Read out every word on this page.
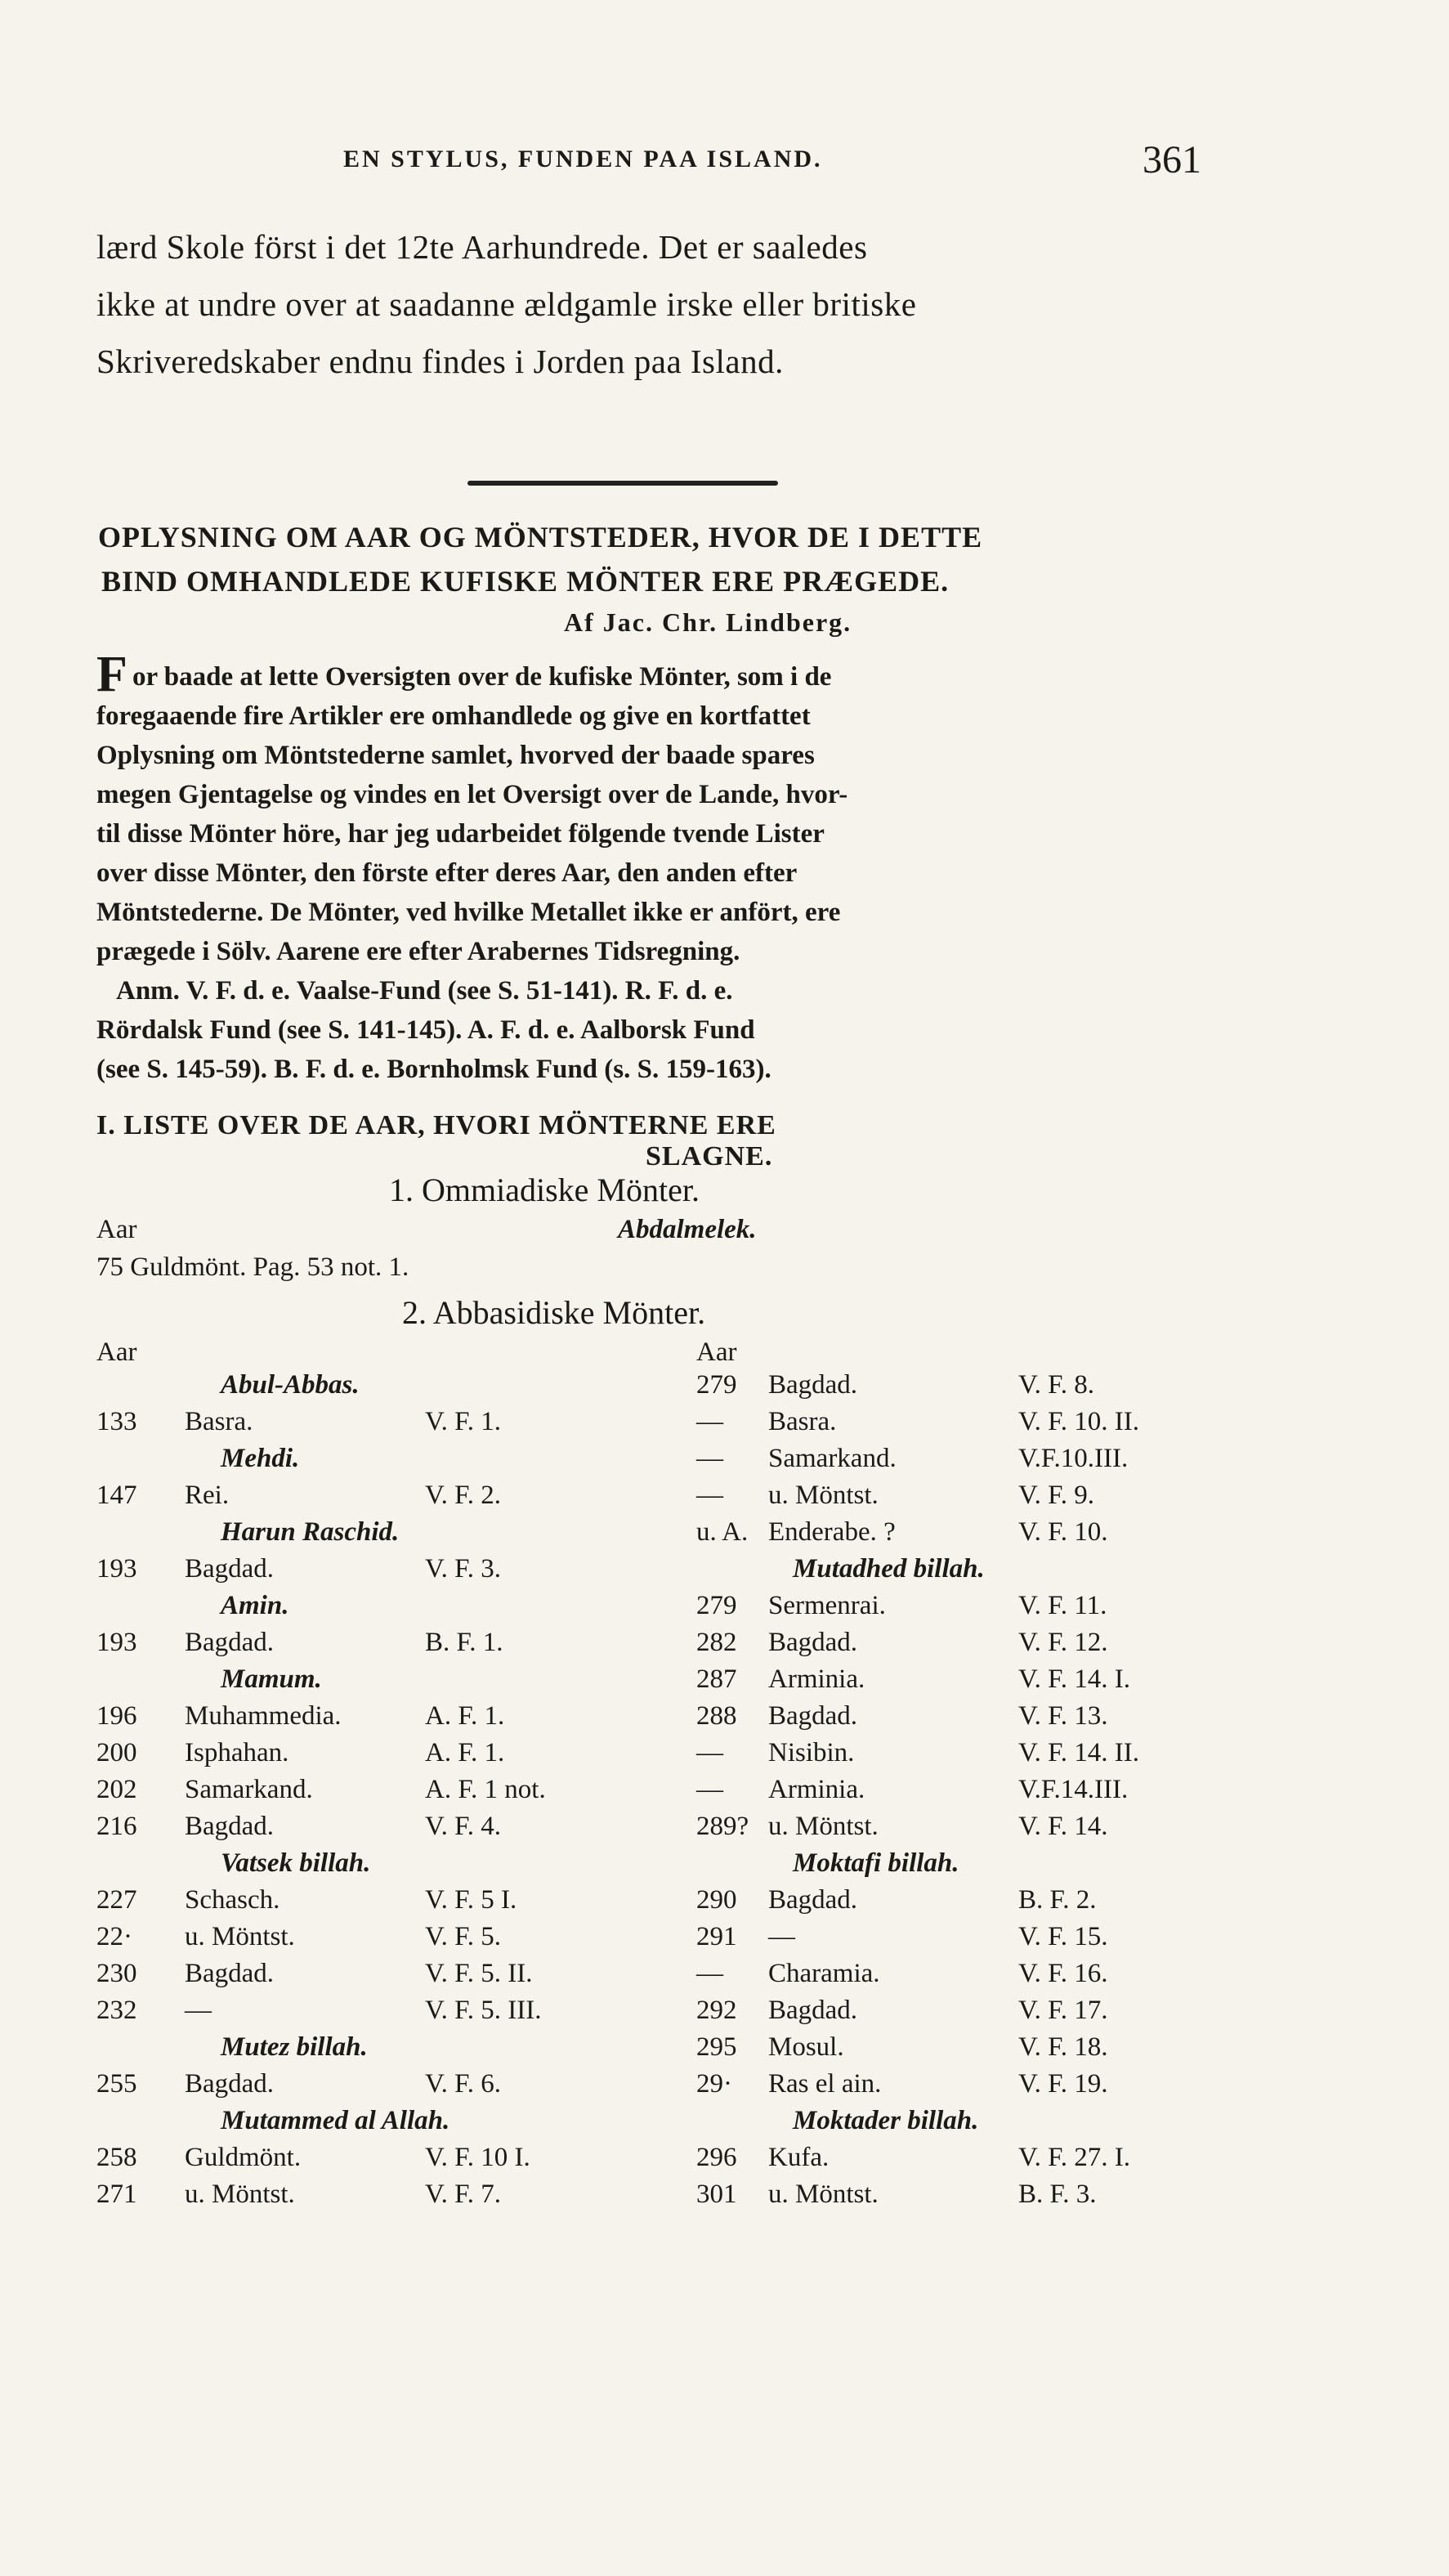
EN STYLUS, FUNDEN PAA ISLAND.	361
lærd Skole först i det 12te Aarhundrede. Det er saaledes
ikke at undre over at saadanne ældgamle irske eller britiske
Skriveredskaber endnu findes i Jorden paa Island.
OPLYSNING OM AAR OG MÖNTSTEDER, HVOR DE I DETTE
BIND OMHANDLEDE KUFISKE MÖNTER ERE PRÆGEDE.
Af Jac. Chr. Lindberg.
F or baade at lette Oversigten over de kufiske Mönter, som i de
foregaaende fire Artikler ere omhandlede og give en kortfattet
Oplysning om Möntstederne samlet, hvorved der baade spares
megen Gjentagelse og vindes en let Oversigt over de Lande, hvor-
til disse Mönter höre, har jeg udarbeidet fölgende tvende Lister
over disse Mönter, den förste efter deres Aar, den anden efter
Möntstederne. De Mönter, ved hvilke Metallet ikke er anfört, ere
prægede i Sölv. Aarene ere efter Arabernes Tidsregning.
Anm. V. F. d. e. Vaalse-Fund (see S. 51-141). R. F. d. e.
Rördalsk Fund (see S. 141-145). A. F. d. e. Aalborsk Fund
(see S. 145-59). B. F. d. e. Bornholmsk Fund (s. S. 159-163).
I. LISTE OVER DE AAR, HVORI MÖNTERNE ERE
SLAGNE.
1. Ommiadiske Mönter.
Aar	Abdalmelek.
75 Guldmönt. Pag. 53 not. 1.
2. Abbasidiske Mönter.
Aar	Aar
Abul-Abbas.
133 Basra.	V. F. 1.
Mehdi.
147 Rei.	V. F. 2.
Harun Raschid.
193 Bagdad.	V. F. 3.
Amin.
193 Bagdad.	B. F. 1.
Mamum.
196 Muhammedia.	A. F. 1.
200 Isphahan.	A. F. 1.
202 Samarkand.	A. F. 1 not.
216 Bagdad.	V. F. 4.
Vatsek billah.
227 Schasch.	V. F. 5 I.
22· u. Möntst.	V. F. 5.
230 Bagdad.	V. F. 5. II.
232 —	V. F. 5. III.
Mutez billah.
255 Bagdad.	V. F. 6.
Mutammed al Allah.
258 Guldmönt.	V. F. 10 I.
271 u. Möntst.	V. F. 7.
279 Bagdad.	V. F. 8.
— Basra.	V. F. 10. II.
— Samarkand.	V.F.10.III.
— u. Möntst.	V. F. 9.
u. A. Enderabe. ?	V. F. 10.
Mutadhed billah.
279 Sermenrai.	V. F. 11.
282 Bagdad.	V. F. 12.
287 Arminia.	V. F. 14. I.
288 Bagdad.	V. F. 13.
— Nisibin.	V. F. 14. II.
— Arminia.	V.F.14.III.
289? u. Möntst.	V. F. 14.
Moktafi billah.
290 Bagdad.	B. F. 2.
291 —	V. F. 15.
— Charamia.	V. F. 16.
292 Bagdad.	V. F. 17.
295 Mosul.	V. F. 18.
29· Ras el ain.	V. F. 19.
Moktader billah.
296 Kufa.	V. F. 27. I.
301 u. Möntst.	B. F. 3.
